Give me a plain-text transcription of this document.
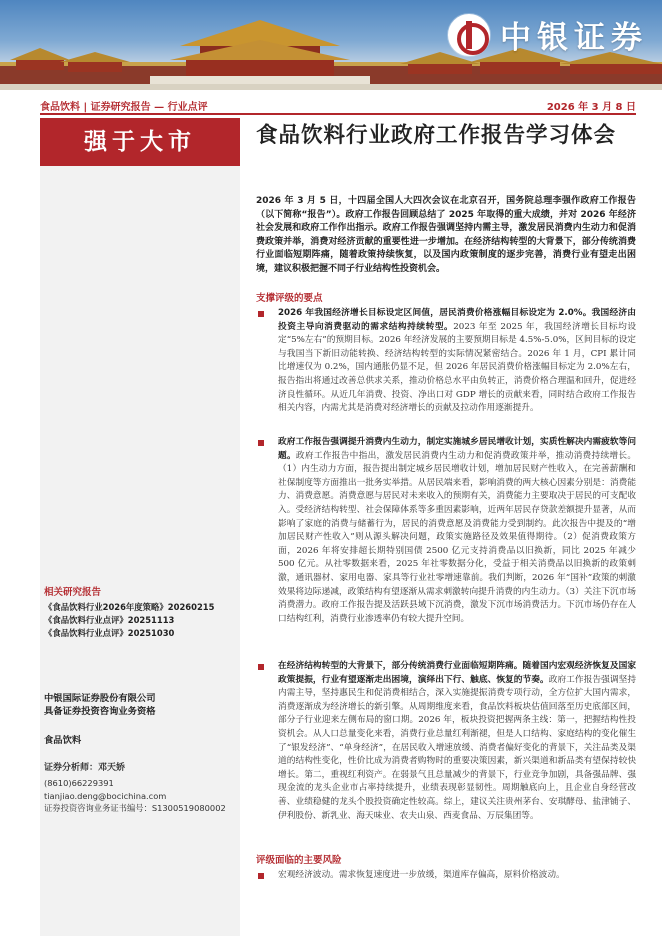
中银证券
食品饮料 | 证券研究报告 — 行业点评	2026 年 3 月 8 日
强于大市
相关研究报告
《食品饮料行业2026年度策略》20260215
《食品饮料行业点评》20251113
《食品饮料行业点评》20251030
中银国际证券股份有限公司
具备证券投资咨询业务资格
食品饮料
证券分析师：邓天娇
(8610)66229391
tianjiao.deng@bocichina.com
证券投资咨询业务证书编号：S1300519080002
食品饮料行业政府工作报告学习体会

2026 年 3 月 5 日，十四届全国人大四次会议在北京召开，国务院总理李强作政府工作报告（以下简称“报告”）。政府工作报告回顾总结了 2025 年取得的重大成绩，并对 2026 年经济社会发展和政府工作作出指示。政府工作报告强调坚持内需主导，激发居民消费内生动力和促消费政策并举，消费对经济贡献的重要性进一步增加。在经济结构转型的大背景下，部分传统消费行业面临短期阵痛，随着政策持续恢复，以及国内政策制度的逐步完善，消费行业有望走出困境，建议积极把握不同子行业结构性投资机会。

支撑评级的要点
2026 年我国经济增长目标设定区间值，居民消费价格涨幅目标设定为 2.0%。我国经济由投资主导向消费驱动的需求结构持续转型。2023 年至 2025 年，我国经济增长目标均设定“5%左右”的预期目标。2026 年经济发展的主要预期目标是 4.5%-5.0%，区间目标的设定与我国当下新旧动能转换、经济结构转型的实际情况紧密结合。2026 年 1 月，CPI 累计同比增速仅为 0.2%，国内通胀仍显不足，但 2026 年居民消费价格涨幅目标定为 2.0%左右，报告指出将通过改善总供求关系，推动价格总水平由负转正，消费价格合理温和回升，促进经济良性循环。从近几年消费、投资、净出口对 GDP 增长的贡献来看，同时结合政府工作报告相关内容，内需尤其是消费对经济增长的贡献及拉动作用逐渐提升。
政府工作报告强调提升消费内生动力，制定实施城乡居民增收计划，实质性解决内需疲软等问题。政府工作报告中指出，激发居民消费内生动力和促消费政策并举，推动消费持续增长。（1）内生动力方面，报告提出制定城乡居民增收计划，增加居民财产性收入，在完善薪酬和社保制度等方面推出一批务实举措。从居民端来看，影响消费的两大核心因素分别是：消费能力、消费意愿。消费意愿与居民对未来收入的预期有关，消费能力主要取决于居民的可支配收入。受经济结构转型、社会保障体系等多重因素影响，近两年居民存贷款差额提升显著，从而影响了家庭的消费与储蓄行为，居民的消费意愿及消费能力受到制约。此次报告中提及的“增加居民财产性收入”则从源头解决问题，政策实施路径及效果值得期待。（2）促消费政策方面，2026 年将安排超长期特别国债 2500 亿元支持消费品以旧换新，同比 2025 年减少 500 亿元。从社零数据来看，2025 年社零数据分化，受益于相关消费品以旧换新的政策刺激，通讯器材、家用电器、家具等行业社零增速靠前。我们判断，2026 年“国补”政策的刺激效果将边际递减，政策结构有望逐渐从需求刺激转向提升消费的内生动力。（3）关注下沉市场消费潜力。政府工作报告提及活跃县域下沉消费，激发下沉市场消费活力。下沉市场仍存在人口结构红利，消费行业渗透率仍有较大提升空间。
在经济结构转型的大背景下，部分传统消费行业面临短期阵痛。随着国内宏观经济恢复及国家政策提振，行业有望逐渐走出困境，演绎出下行、触底、恢复的节奏。政府工作报告强调坚持内需主导，坚持惠民生和促消费相结合，深入实施提振消费专项行动，全方位扩大国内需求，消费逐渐成为经济增长的新引擎。从周期维度来看，食品饮料板块估值回落至历史底部区间，部分子行业迎来左侧布局的窗口期。2026 年，板块投资把握两条主线：第一，把握结构性投资机会。从人口总量变化来看，消费行业总量红利渐褪，但是人口结构、家庭结构的变化催生了“银发经济”、“单身经济”，在居民收入增速放缓、消费者偏好变化的背景下，关注品类及渠道的结构性变化，性价比成为消费者购物时的重要决策因素，新兴渠道和新品类有望保持较快增长。第二，重视红利资产。在弱景气且总量减少的背景下，行业竞争加剧，具备强品牌、强现金流的龙头企业市占率持续提升，业绩表现彰显韧性。周期触底向上，且企业自身经营改善、业绩稳健的龙头个股投资确定性较高。综上，建议关注贵州茅台、安琪酵母、盐津铺子、伊利股份、新乳业、海天味业、农夫山泉、西麦食品、万辰集团等。
评级面临的主要风险
宏观经济波动。需求恢复速度进一步放缓，渠道库存偏高，原料价格波动。
